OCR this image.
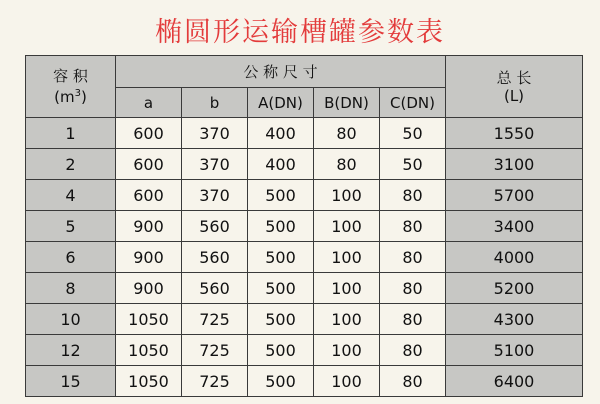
椭圆形运输槽罐参数表
容 积
$(m^3)$	公 称 尺 寸					总 长
(L)

	a	b	A(DN)	B(DN)	C(DN)	
1	600	370	400	80	50	1550
2	600	370	400	80	50	3100
4	600	370	500	100	80	5700
5	900	560	500	100	80	3400
6	900	560	500	100	80	4000
8	900	560	500	100	80	5200
10	1050	725	500	100	80	4300
12	1050	725	500	100	80	5100
15	1050	725	500	100	80	6400
